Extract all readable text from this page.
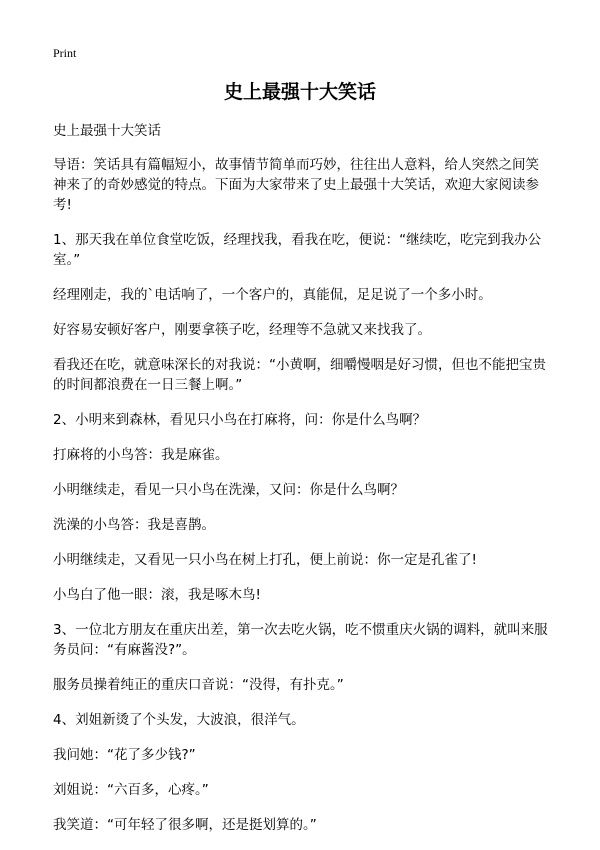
Print
史上最强十大笑话

史上最强十大笑话

导语：笑话具有篇幅短小，故事情节简单而巧妙，往往出人意料，给人突然之间笑神来了的奇妙感觉的特点。下面为大家带来了史上最强十大笑话，欢迎大家阅读参考!

1、那天我在单位食堂吃饭，经理找我，看我在吃，便说：“继续吃，吃完到我办公室。”

经理刚走，我的`电话响了，一个客户的，真能侃，足足说了一个多小时。

好容易安顿好客户，刚要拿筷子吃，经理等不急就又来找我了。

看我还在吃，就意味深长的对我说：“小黄啊，细嚼慢咽是好习惯，但也不能把宝贵的时间都浪费在一日三餐上啊。”

2、小明来到森林，看见只小鸟在打麻将，问：你是什么鸟啊？

打麻将的小鸟答：我是麻雀。

小明继续走，看见一只小鸟在洗澡，又问：你是什么鸟啊？

洗澡的小鸟答：我是喜鹊。

小明继续走，又看见一只小鸟在树上打孔，便上前说：你一定是孔雀了!

小鸟白了他一眼：滚，我是啄木鸟!

3、一位北方朋友在重庆出差，第一次去吃火锅，吃不惯重庆火锅的调料，就叫来服务员问：“有麻酱没?”。

服务员操着纯正的重庆口音说：“没得，有扑克。”

4、刘姐新烫了个头发，大波浪，很洋气。

我问她：“花了多少钱?”

刘姐说：“六百多，心疼。”

我笑道：“可年轻了很多啊，还是挺划算的。”
